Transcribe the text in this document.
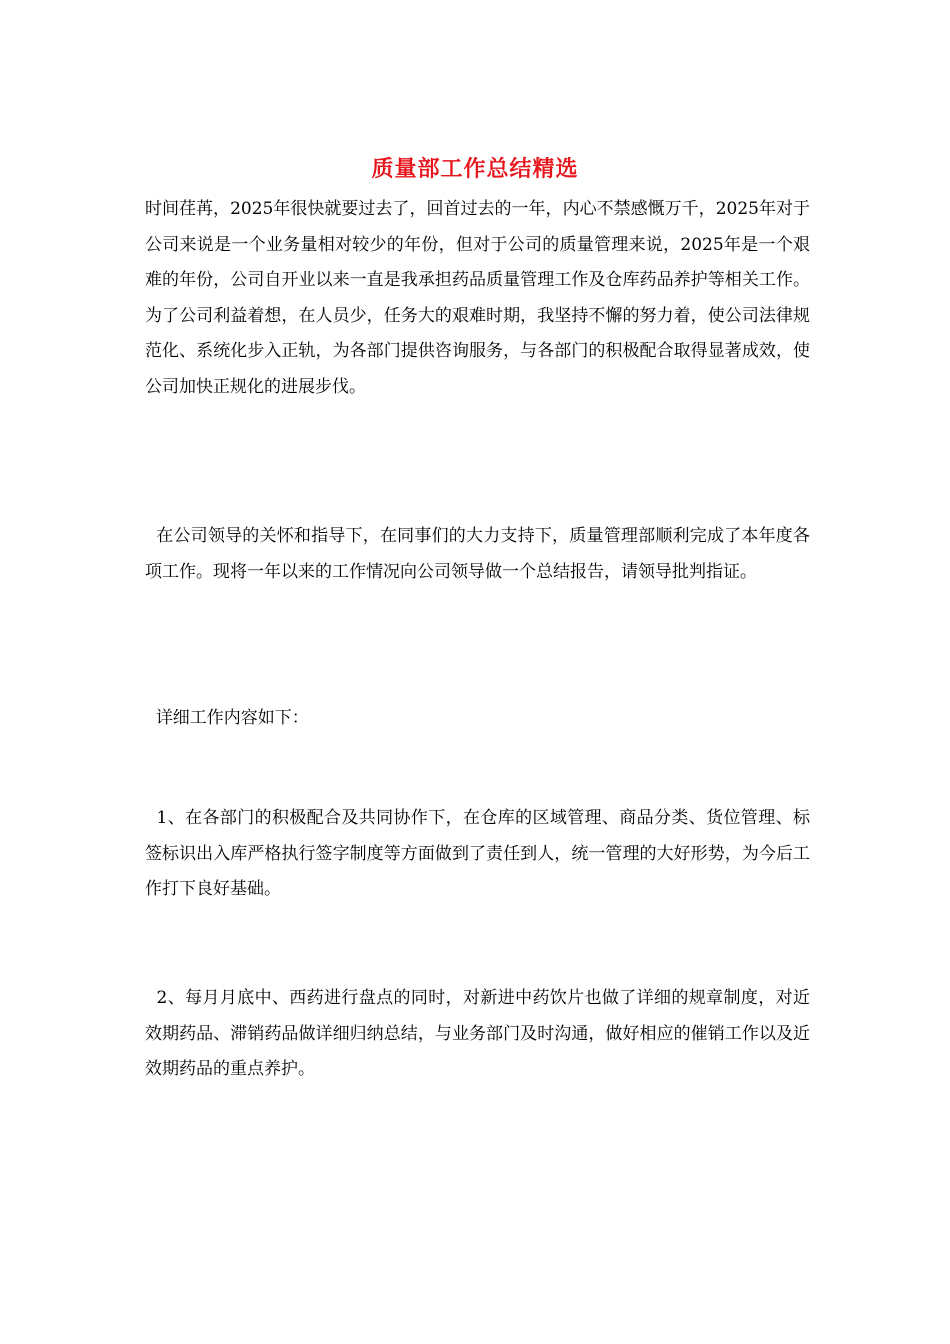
质量部工作总结精选

时间荏苒，2025年很快就要过去了，回首过去的一年，内心不禁感慨万千，2025年对于公司来说是一个业务量相对较少的年份，但对于公司的质量管理来说，2025年是一个艰难的年份，公司自开业以来一直是我承担药品质量管理工作及仓库药品养护等相关工作。为了公司利益着想，在人员少，任务大的艰难时期，我坚持不懈的努力着，使公司法律规范化、系统化步入正轨，为各部门提供咨询服务，与各部门的积极配合取得显著成效，使公司加快正规化的进展步伐。

在公司领导的关怀和指导下，在同事们的大力支持下，质量管理部顺利完成了本年度各项工作。现将一年以来的工作情况向公司领导做一个总结报告，请领导批判指证。

详细工作内容如下：

1、在各部门的积极配合及共同协作下，在仓库的区域管理、商品分类、货位管理、标签标识出入库严格执行签字制度等方面做到了责任到人，统一管理的大好形势，为今后工作打下良好基础。

2、每月月底中、西药进行盘点的同时，对新进中药饮片也做了详细的规章制度，对近效期药品、滞销药品做详细归纳总结，与业务部门及时沟通，做好相应的催销工作以及近效期药品的重点养护。
